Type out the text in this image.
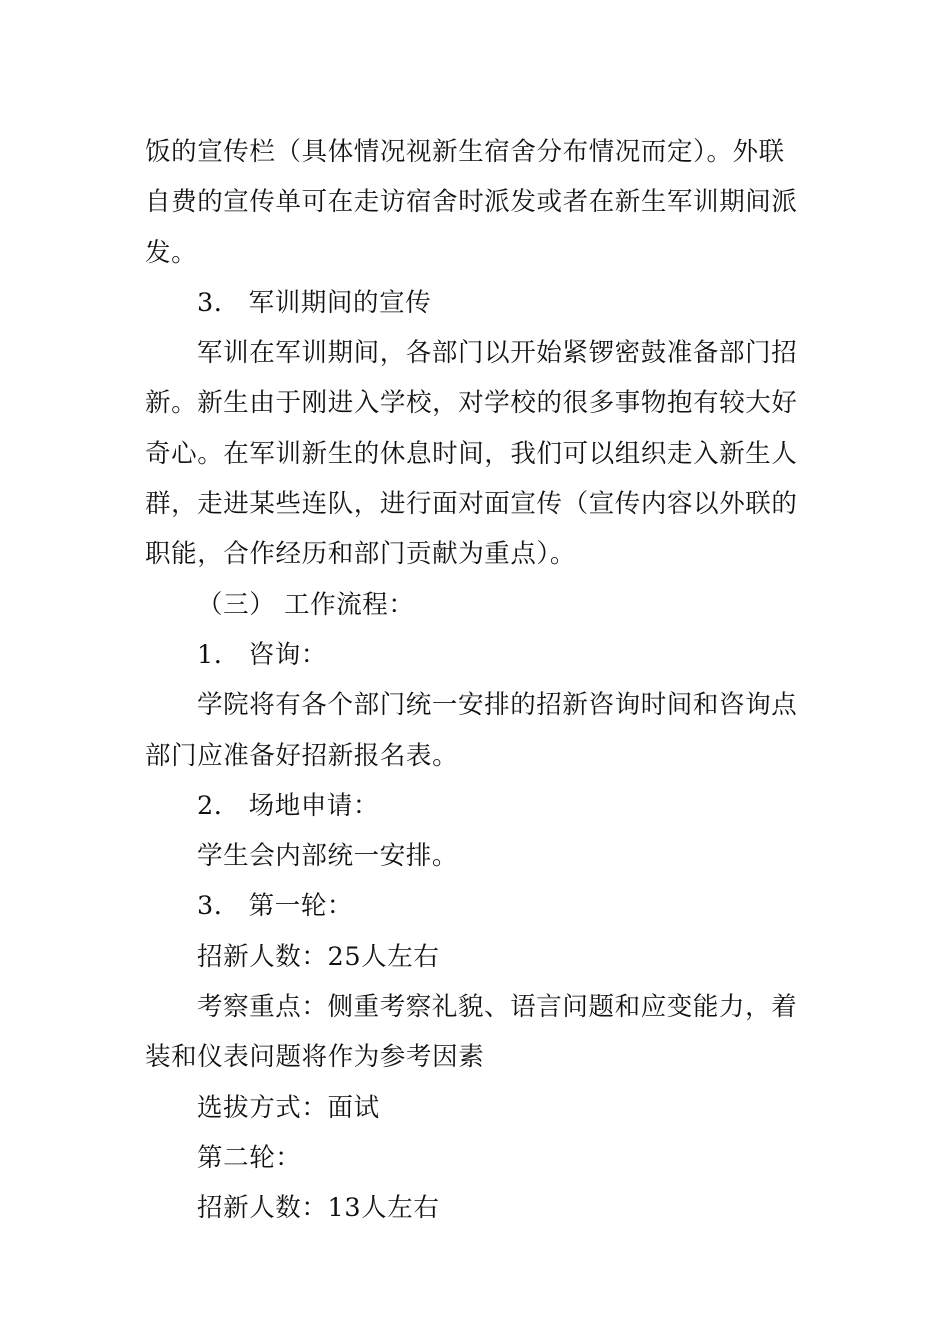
饭的宣传栏（具体情况视新生宿舍分布情况而定）。外联自费的宣传单可在走访宿舍时派发或者在新生军训期间派发。

3． 军训期间的宣传

军训在军训期间，各部门以开始紧锣密鼓准备部门招新。新生由于刚进入学校，对学校的很多事物抱有较大好奇心。在军训新生的休息时间，我们可以组织走入新生人群，走进某些连队，进行面对面宣传（宣传内容以外联的职能，合作经历和部门贡献为重点）。

（三） 工作流程：

1． 咨询：

学院将有各个部门统一安排的招新咨询时间和咨询点部门应准备好招新报名表。

2． 场地申请：

学生会内部统一安排。

3． 第一轮：

招新人数：25人左右

考察重点：侧重考察礼貌、语言问题和应变能力，着装和仪表问题将作为参考因素

选拔方式：面试

第二轮：

招新人数：13人左右
